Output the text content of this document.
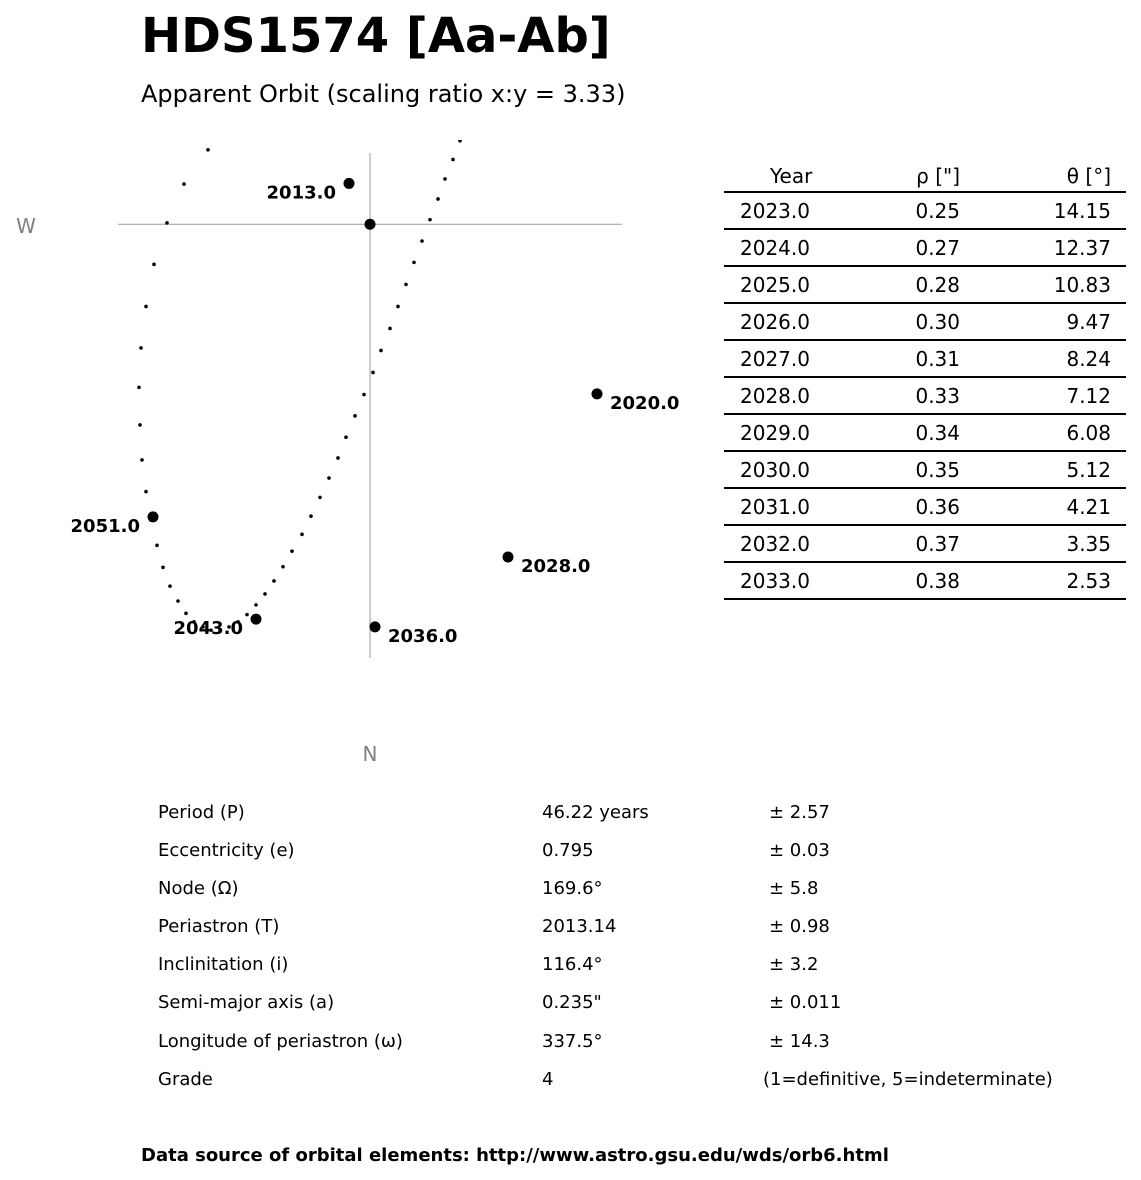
HDS1574 [Aa-Ab]
Apparent Orbit (scaling ratio x:y = 3.33)
2013.0
2020.0
2028.0
2036.0
2043.0
2051.0
W
N
Year	ρ ["]	θ [°]
2023.0	0.25	14.15
2024.0	0.27	12.37
2025.0	0.28	10.83
2026.0	0.30	9.47
2027.0	0.31	8.24
2028.0	0.33	7.12
2029.0	0.34	6.08
2030.0	0.35	5.12
2031.0	0.36	4.21
2032.0	0.37	3.35
2033.0	0.38	2.53
Period (P)	46.22 years	± 2.57
Eccentricity (e)	0.795	± 0.03
Node (Ω)	169.6°	± 5.8
Periastron (T)	2013.14	± 0.98
Inclinitation (i)	116.4°	± 3.2
Semi-major axis (a)	0.235"	± 0.011
Longitude of periastron (ω)	337.5°	± 14.3
Grade	4	(1=definitive, 5=indeterminate)
Data source of orbital elements: http://www.astro.gsu.edu/wds/orb6.html
